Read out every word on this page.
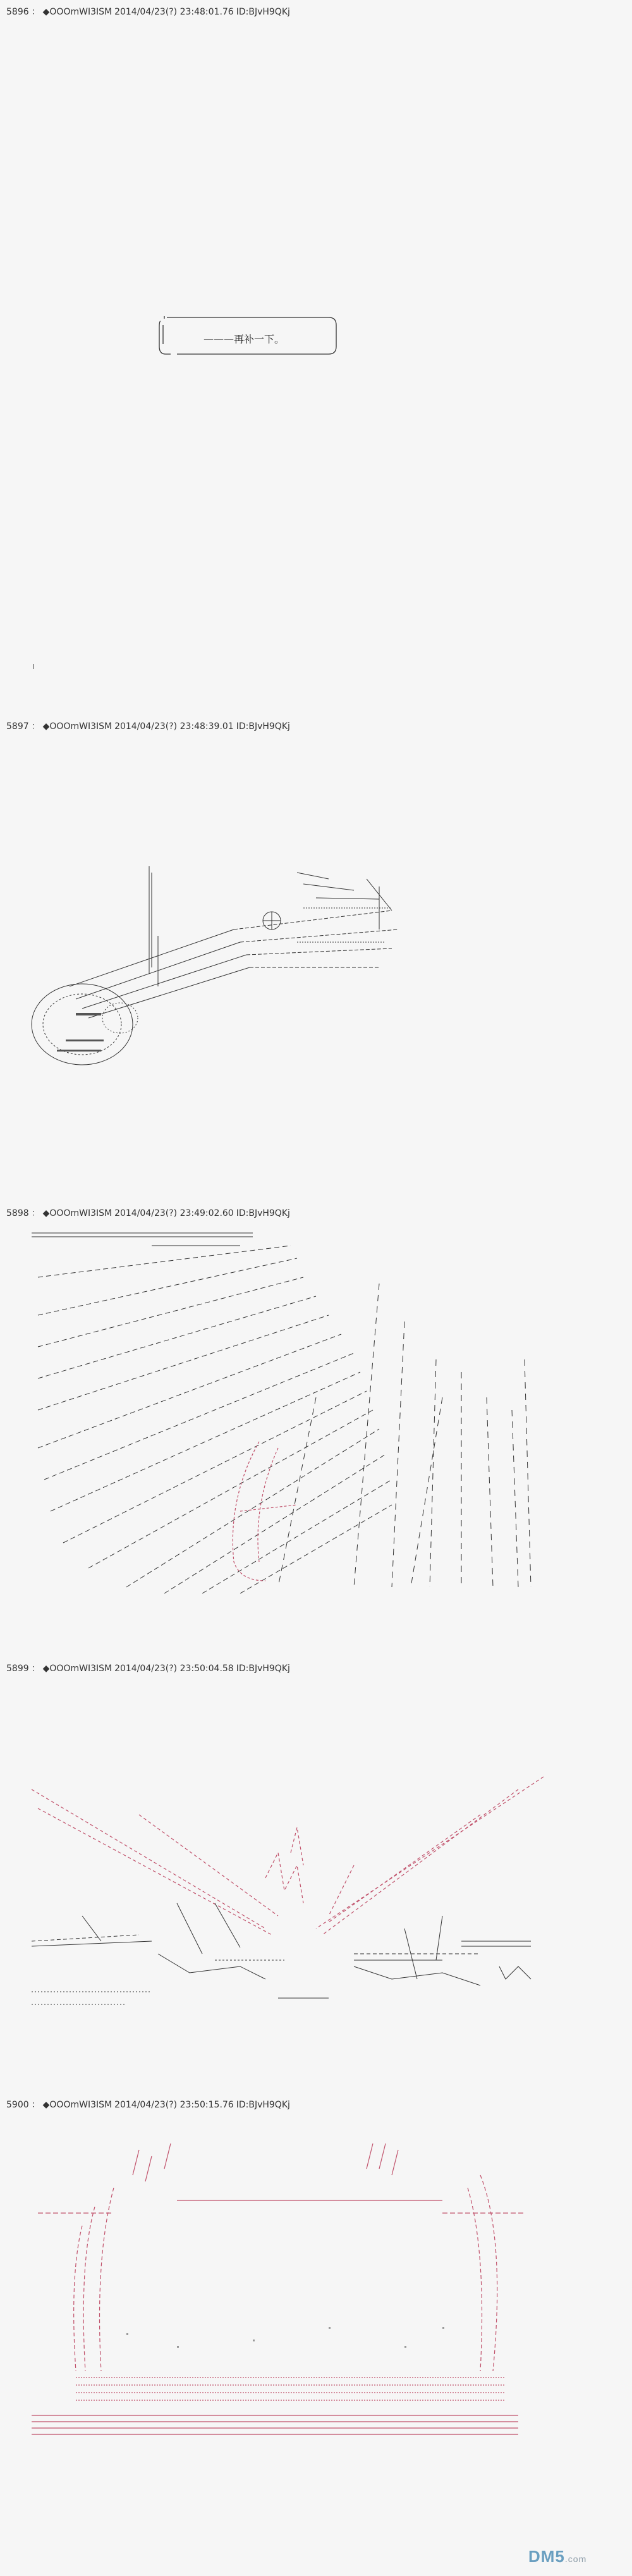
5896 ： ◆OOOmWI3ISM 2014/04/23(?) 23:48:01.76 ID:BJvH9QKj
———再补一下。
5897 ： ◆OOOmWI3ISM 2014/04/23(?) 23:48:39.01 ID:BJvH9QKj
5898 ： ◆OOOmWI3ISM 2014/04/23(?) 23:49:02.60 ID:BJvH9QKj
5899 ： ◆OOOmWI3ISM 2014/04/23(?) 23:50:04.58 ID:BJvH9QKj
5900 ： ◆OOOmWI3ISM 2014/04/23(?) 23:50:15.76 ID:BJvH9QKj
DM5.com
